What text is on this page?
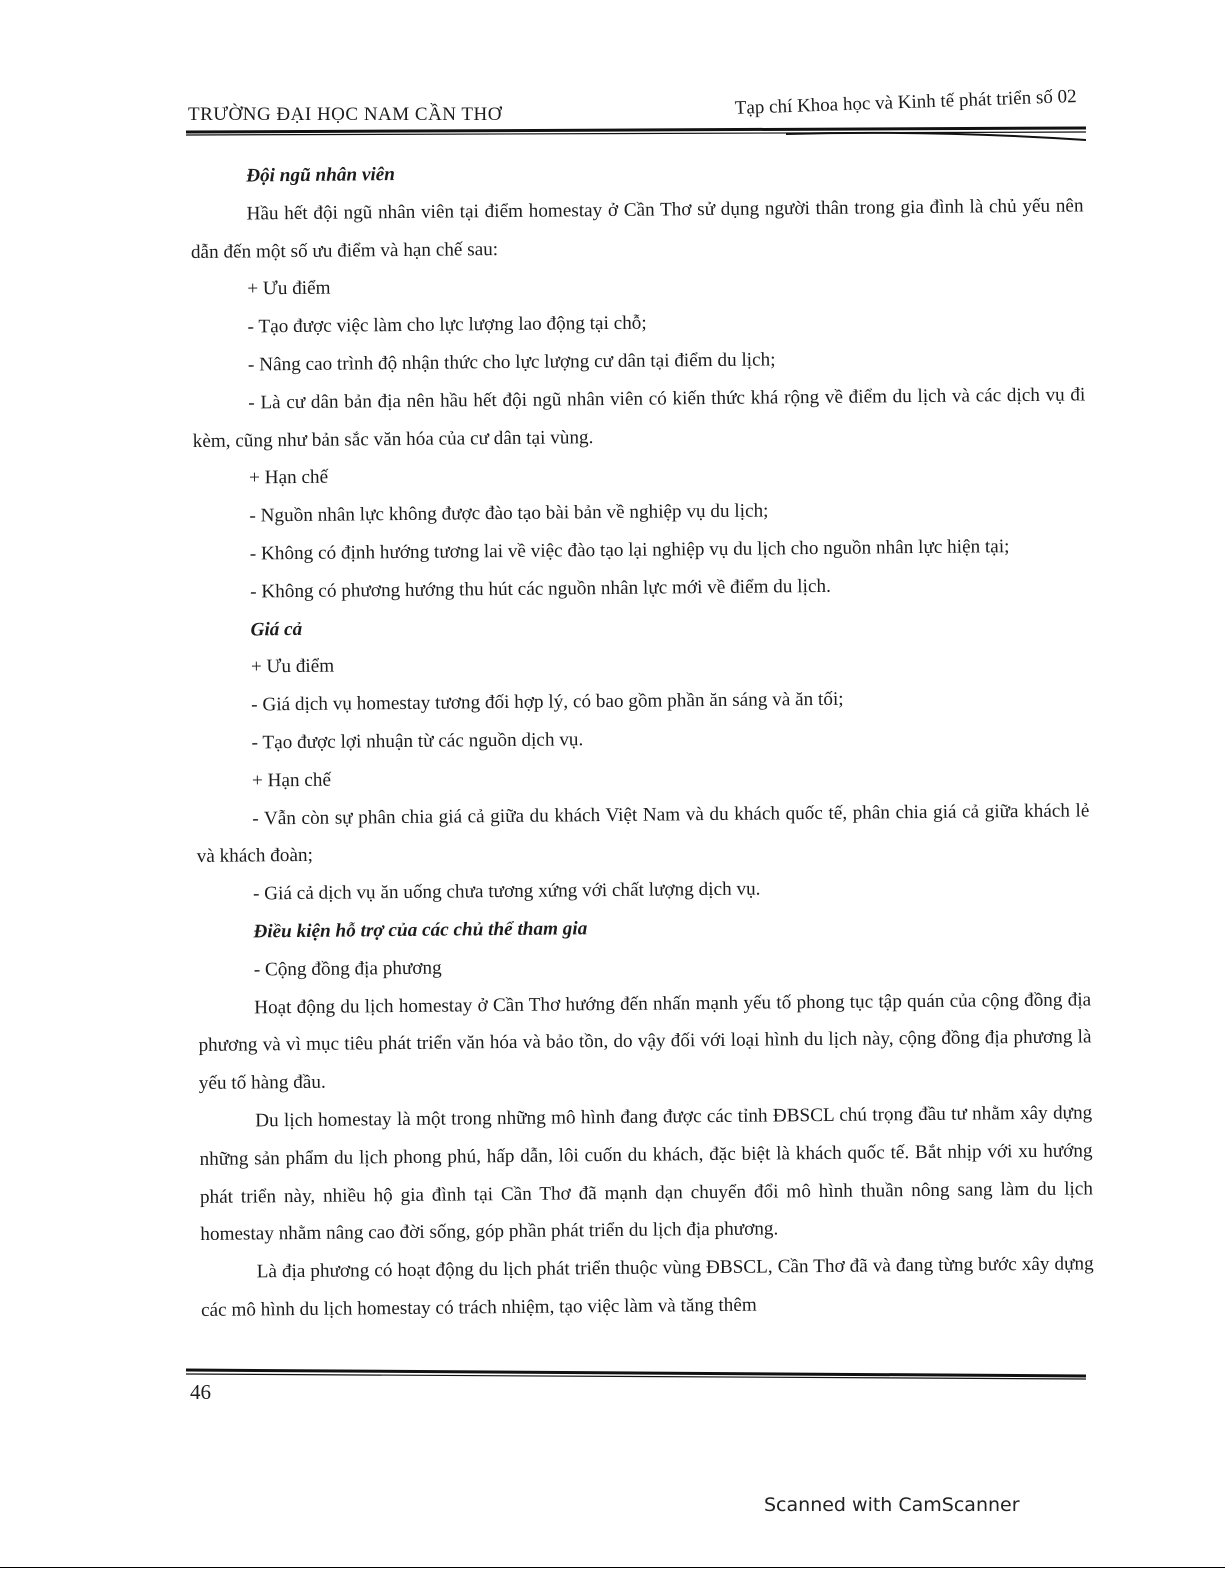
TRƯỜNG ĐẠI HỌC NAM CẦN THƠ	Tạp chí Khoa học và Kinh tế phát triển số 02

Đội ngũ nhân viên

Hầu hết đội ngũ nhân viên tại điểm homestay ở Cần Thơ sử dụng người thân trong gia đình là chủ yếu nên dẫn đến một số ưu điểm và hạn chế sau:

+ Ưu điểm

- Tạo được việc làm cho lực lượng lao động tại chỗ;

- Nâng cao trình độ nhận thức cho lực lượng cư dân tại điểm du lịch;

- Là cư dân bản địa nên hầu hết đội ngũ nhân viên có kiến thức khá rộng về điểm du lịch và các dịch vụ đi kèm, cũng như bản sắc văn hóa của cư dân tại vùng.

+ Hạn chế

- Nguồn nhân lực không được đào tạo bài bản về nghiệp vụ du lịch;

- Không có định hướng tương lai về việc đào tạo lại nghiệp vụ du lịch cho nguồn nhân lực hiện tại;

- Không có phương hướng thu hút các nguồn nhân lực mới về điểm du lịch.

Giá cả

+ Ưu điểm

- Giá dịch vụ homestay tương đối hợp lý, có bao gồm phần ăn sáng và ăn tối;

- Tạo được lợi nhuận từ các nguồn dịch vụ.

+ Hạn chế

- Vẫn còn sự phân chia giá cả giữa du khách Việt Nam và du khách quốc tế, phân chia giá cả giữa khách lẻ và khách đoàn;

- Giá cả dịch vụ ăn uống chưa tương xứng với chất lượng dịch vụ.

Điều kiện hỗ trợ của các chủ thể tham gia

- Cộng đồng địa phương

Hoạt động du lịch homestay ở Cần Thơ hướng đến nhấn mạnh yếu tố phong tục tập quán của cộng đồng địa phương và vì mục tiêu phát triển văn hóa và bảo tồn, do vậy đối với loại hình du lịch này, cộng đồng địa phương là yếu tố hàng đầu.

Du lịch homestay là một trong những mô hình đang được các tỉnh ĐBSCL chú trọng đầu tư nhằm xây dựng những sản phẩm du lịch phong phú, hấp dẫn, lôi cuốn du khách, đặc biệt là khách quốc tế. Bắt nhịp với xu hướng phát triển này, nhiều hộ gia đình tại Cần Thơ đã mạnh dạn chuyển đổi mô hình thuần nông sang làm du lịch homestay nhằm nâng cao đời sống, góp phần phát triển du lịch địa phương.

Là địa phương có hoạt động du lịch phát triển thuộc vùng ĐBSCL, Cần Thơ đã và đang từng bước xây dựng các mô hình du lịch homestay có trách nhiệm, tạo việc làm và tăng thêm

46
Scanned with CamScanner
